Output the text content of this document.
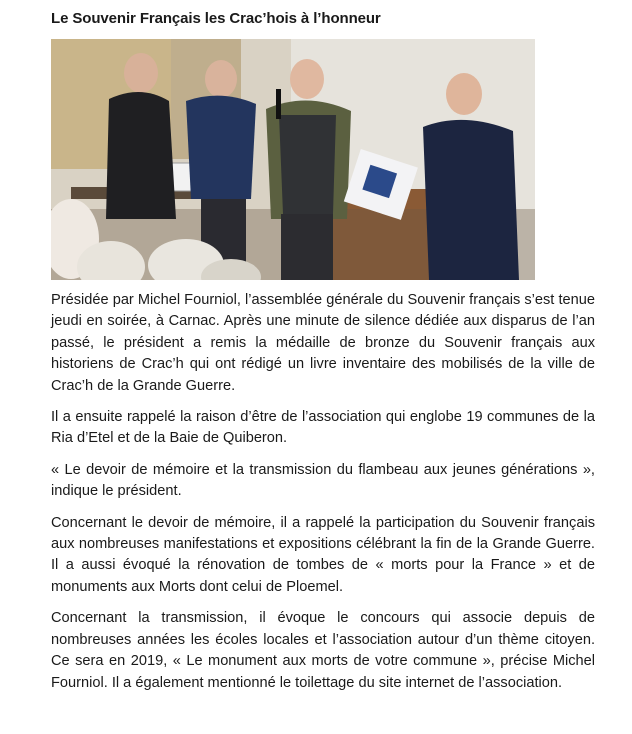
Le Souvenir Français les Crac’hois à l’honneur

Présidée par Michel Fourniol, l’assemblée générale du Souvenir français s’est tenue jeudi en soirée, à Carnac. Après une minute de silence dédiée aux disparus de l’an passé, le président a remis la médaille de bronze du Souvenir français aux historiens de Crac’h qui ont rédigé un livre inventaire des mobilisés de la ville de Crac’h de la Grande Guerre.

Il a ensuite rappelé la raison d’être de l’association qui englobe 19 communes de la Ria d’Etel et de la Baie de Quiberon.

« Le devoir de mémoire et la transmission du flambeau aux jeunes générations », indique le président.

Concernant le devoir de mémoire, il a rappelé la participation du Souvenir français aux nombreuses manifestations et expositions célébrant la fin de la Grande Guerre. Il a aussi évoqué la rénovation de tombes de « morts pour la France » et de monuments aux Morts dont celui de Ploemel.

Concernant la transmission, il évoque le concours qui associe depuis de nombreuses années les écoles locales et l’association autour d’un thème citoyen. Ce sera en 2019, « Le monument aux morts de votre commune », précise Michel Fourniol. Il a également mentionné le toilettage du site internet de l’association.
